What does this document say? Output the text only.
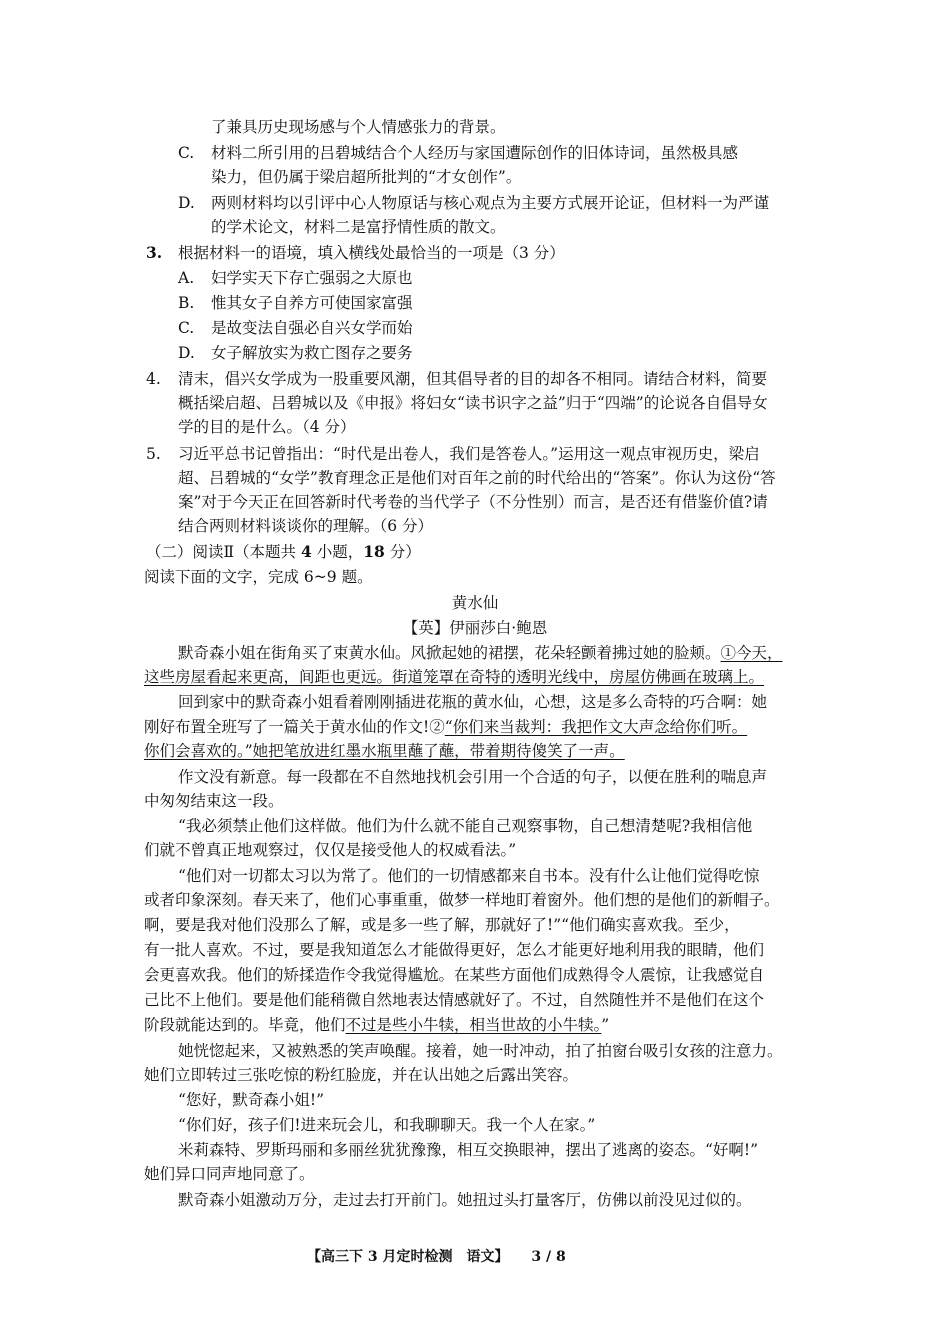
了兼具历史现场感与个人情感张力的背景。
C. 材料二所引用的吕碧城结合个人经历与家国遭际创作的旧体诗词，虽然极具感
染力，但仍属于梁启超所批判的“才女创作”。
D. 两则材料均以引评中心人物原话与核心观点为主要方式展开论证，但材料一为严谨
的学术论文，材料二是富抒情性质的散文。
3. 根据材料一的语境，填入横线处最恰当的一项是（3 分）
A. 妇学实天下存亡强弱之大原也
B. 惟其女子自养方可使国家富强
C. 是故变法自强必自兴女学而始
D. 女子解放实为救亡图存之要务
4. 清末，倡兴女学成为一股重要风潮，但其倡导者的目的却各不相同。请结合材料，简要
概括梁启超、吕碧城以及《申报》将妇女“读书识字之益”归于“四端”的论说各自倡导女
学的目的是什么。（4 分）
5. 习近平总书记曾指出：“时代是出卷人，我们是答卷人。”运用这一观点审视历史，梁启
超、吕碧城的“女学”教育理念正是他们对百年之前的时代给出的“答案”。你认为这份“答
案”对于今天正在回答新时代考卷的当代学子（不分性别）而言，是否还有借鉴价值?请
结合两则材料谈谈你的理解。（6 分）
（二）阅读Ⅱ（本题共 4 小题，18 分）
阅读下面的文字，完成 6~9 题。
黄水仙
【英】伊丽莎白·鲍恩
默奇森小姐在街角买了束黄水仙。风掀起她的裙摆，花朵轻颤着拂过她的脸颊。①今天，
这些房屋看起来更高，间距也更远。街道笼罩在奇特的透明光线中，房屋仿佛画在玻璃上。
回到家中的默奇森小姐看着刚刚插进花瓶的黄水仙，心想，这是多么奇特的巧合啊：她
刚好布置全班写了一篇关于黄水仙的作文!②“你们来当裁判：我把作文大声念给你们听。
你们会喜欢的。”她把笔放进红墨水瓶里蘸了蘸，带着期待傻笑了一声。
作文没有新意。每一段都在不自然地找机会引用一个合适的句子，以便在胜利的喘息声
中匆匆结束这一段。
“我必须禁止他们这样做。他们为什么就不能自己观察事物，自己想清楚呢?我相信他
们就不曾真正地观察过，仅仅是接受他人的权威看法。”
“他们对一切都太习以为常了。他们的一切情感都来自书本。没有什么让他们觉得吃惊
或者印象深刻。春天来了，他们心事重重，做梦一样地盯着窗外。他们想的是他们的新帽子。
啊，要是我对他们没那么了解，或是多一些了解，那就好了!”“他们确实喜欢我。至少，
有一批人喜欢。不过，要是我知道怎么才能做得更好，怎么才能更好地利用我的眼睛，他们
会更喜欢我。他们的矫揉造作令我觉得尴尬。在某些方面他们成熟得令人震惊，让我感觉自
己比不上他们。要是他们能稍微自然地表达情感就好了。不过，自然随性并不是他们在这个
阶段就能达到的。毕竟，他们不过是些小牛犊，相当世故的小牛犊。”
她恍惚起来，又被熟悉的笑声唤醒。接着，她一时冲动，拍了拍窗台吸引女孩的注意力。
她们立即转过三张吃惊的粉红脸庞，并在认出她之后露出笑容。
“您好，默奇森小姐!”
“你们好，孩子们!进来玩会儿，和我聊聊天。我一个人在家。”
米莉森特、罗斯玛丽和多丽丝犹犹豫豫，相互交换眼神，摆出了逃离的姿态。“好啊!”
她们异口同声地同意了。
默奇森小姐激动万分，走过去打开前门。她扭过头打量客厅，仿佛以前没见过似的。
【高三下 3 月定时检测　语文】 3 / 8
